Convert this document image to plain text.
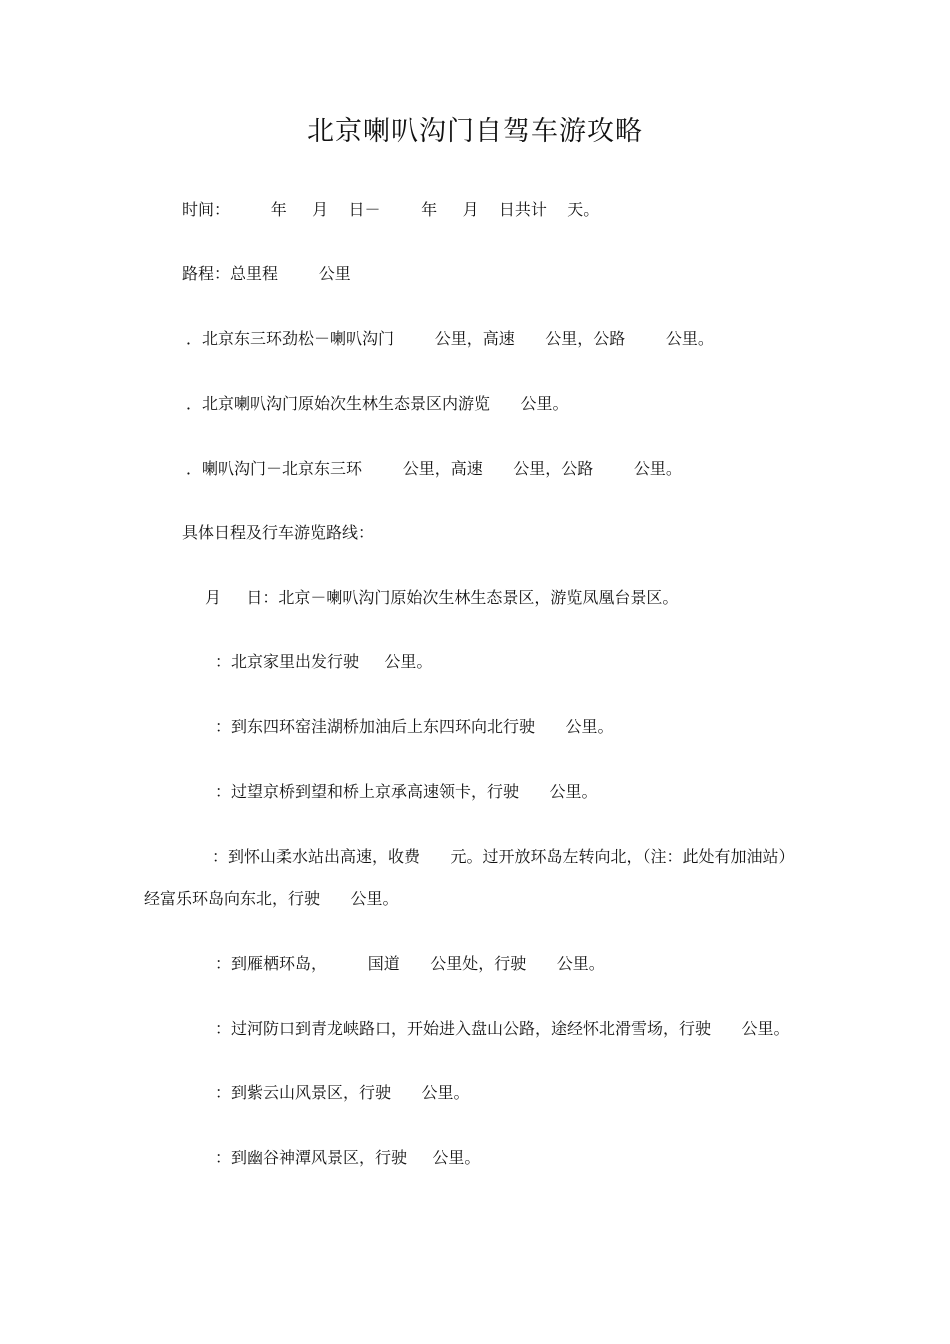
北京喇叭沟门自驾车游攻略

时间：        年     月    日－        年     月    日共计    天。

路程：总里程        公里

．北京东三环劲松－喇叭沟门        公里，高速      公里，公路        公里。

．北京喇叭沟门原始次生林生态景区内游览      公里。

．喇叭沟门－北京东三环        公里，高速      公里，公路        公里。

具体日程及行车游览路线：

月     日：北京－喇叭沟门原始次生林生态景区，游览凤凰台景区。

：北京家里出发行驶     公里。

：到东四环窑洼湖桥加油后上东四环向北行驶      公里。

：过望京桥到望和桥上京承高速领卡，行驶      公里。

：到怀山柔水站出高速，收费      元。过开放环岛左转向北，（注：此处有加油站）

经富乐环岛向东北，行驶      公里。

：到雁栖环岛，        国道      公里处，行驶      公里。

：过河防口到青龙峡路口，开始进入盘山公路，途经怀北滑雪场，行驶      公里。

：到紫云山风景区，行驶      公里。

：到幽谷神潭风景区，行驶     公里。
